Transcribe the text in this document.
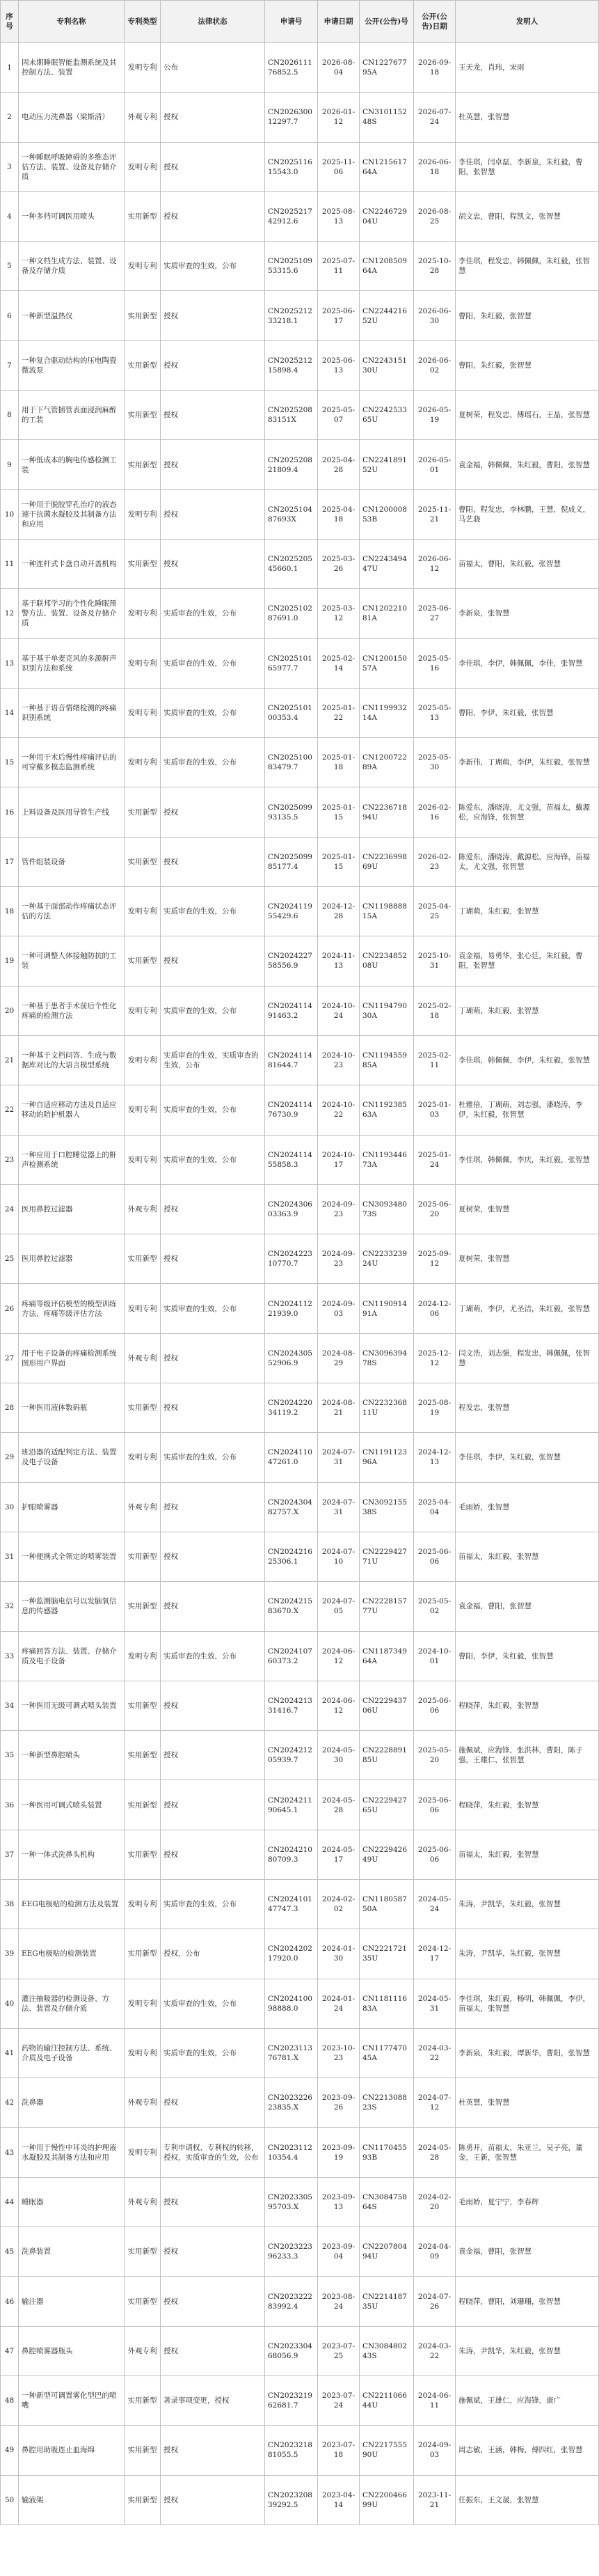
序号	专利名称	专利类型	法律状态	申请号	申请日期	公开(公告)号	公开(公告)日期	发明人
1	固未期睡眠智能监测系统及其控制方法、装置	发明专利	公布	CN202611176852.5	2026-08-04	CN122767795A	2026-09-18	王天龙，肖玮，宋雨
2	电动压力洗鼻器（梁斯清）	外观专利	授权	CN202630012297.7	2026-01-12	CN310115248S	2026-07-24	杜英慧，张智慧
3	一种睡眠呼吸障碍的多维态评估方法、装置、设备及存储介质	发明专利	授权	CN202511615543.0	2025-11-06	CN121561764A	2026-06-18	李佳琪，闫卓磊，李新泉，朱红毅，曹阳，张智慧
4	一种多档可调医用喷头	实用新型	授权	CN202521742912.6	2025-08-13	CN224672904U	2026-08-25	胡文忠，曹阳，程凯文，张智慧
5	一种文档生成方法、装置、设备及存储介质	发明专利	实质审查的生效，公布	CN202510953315.6	2025-07-11	CN120850964A	2025-10-28	李佳琪，程发忠，韩佩佩，朱红毅，张智慧
6	一种新型温热仪	实用新型	授权	CN202521233218.1	2025-06-17	CN224421652U	2026-06-30	曹阳，朱红毅，张智慧
7	一种复合驱动结构的压电陶瓷微流泵	实用新型	授权	CN202521215898.4	2025-06-13	CN224315130U	2026-06-02	曹阳，朱红毅，张智慧
8	用于下气管插管表面浸润麻醉的工装	实用新型	授权	CN202520883151X	2025-05-07	CN224253365U	2026-05-19	夏树荣，程发忠，傅瑶石，王晶，张智慧
9	一种低成本的胸电传感检测工装	实用新型	授权	CN202520821809.4	2025-04-28	CN224189152U	2026-05-01	袁金福，韩佩佩，朱红毅，曹阳，张智慧
10	一种用于脱胶穿孔治疗的液态速干抗菌水凝胶及其制备方法和应用	发明专利	授权	CN202510487693X	2025-04-18	CN120000853B	2025-11-21	曹阳，程发忠，李林鹏，王慧，倪成义，马艺骁
11	一种连杆式卡盘自动开盖机构	实用新型	授权	CN202520545660.1	2025-03-26	CN224349447U	2026-06-12	苗福太，曹阳，朱红毅，张智慧
12	基于联邦学习的个性化睡眠预警方法、装置、设备及存储介质	发明专利	实质审查的生效，公布	CN202510287691.0	2025-03-12	CN120221081A	2025-06-27	李新泉，张智慧
13	基于基于单麦克风的多源鼾声识别方法和系统	发明专利	实质审查的生效，公布	CN202510165977.7	2025-02-14	CN120015057A	2025-05-16	李佳琪，李伊，韩佩佩，李佳，张智慧
14	一种基于语音情绪检测的疼痛识别系统	发明专利	实质审查的生效，公布	CN202510100353.4	2025-01-22	CN119993214A	2025-05-13	曹阳，李伊，朱红毅，张智慧
15	一种用于术后慢性疼痛评估的可穿戴多模态监测系统	发明专利	实质审查的生效，公布	CN202510083479.7	2025-01-18	CN120072289A	2025-05-30	李新伟，丁瑚萌，李伊，朱红毅，张智慧
16	上料设备及医用导管生产线	实用新型	授权	CN202509993135.5	2025-01-15	CN223671894U	2026-02-16	陈爱东，潘晓涛，尤文强，苗福太，戴源松，应海锋，张智慧
17	管件组装设备	实用新型	授权	CN202509985177.4	2025-01-15	CN223699869U	2026-02-23	陈爱东，潘晓涛，戴源松，应海锋，苗福太，尤文强，张智慧
18	一种基于面部动作疼痛状态评估的方法	发明专利	实质审查的生效，公布	CN202411955429.6	2024-12-28	CN119888815A	2025-04-25	丁瑚萌，朱红毅，张智慧
19	一种可调整人体接触防抗的工装	实用新型	授权	CN202422758556.9	2024-11-13	CN223485208U	2025-10-31	袁金福，易勇华，张心廷，朱红毅，曹阳，张智慧
20	一种基于患者手术前后个性化疼痛的检测方法	发明专利	实质审查的生效，公布	CN202411491463.2	2024-10-24	CN119479030A	2025-02-18	丁瑚萌，朱红毅，张智慧
21	一种基于文档问答、生成与数据库对比的大语言模型系统	发明专利	实质审查的生效，实质审查的生效，公布	CN202411481644.7	2024-10-23	CN119455985A	2025-02-11	李佳琪，韩佩佩，李伊，朱红毅，张智慧
22	一种自适应移动方法及自适应移动的陪护机器人	发明专利	实质审查的生效，公布	CN202411476730.9	2024-10-22	CN119238563A	2025-01-03	杜雅倍，丁瑚萌，刘志强，潘晓涛，李伊，朱红毅，张智慧
23	一种应用于口腔睡觉器上的鼾声检测系统	发明专利	实质审查的生效，公布	CN202411455858.3	2024-10-17	CN119344673A	2025-01-24	李佳琪，韩佩佩，李庆，朱红毅，张智慧
24	医用鼻腔过滤器	外观专利	授权	CN202430603363.9	2024-09-23	CN309348073S	2025-06-20	夏树荣，张智慧
25	医用鼻腔过滤器	实用新型	授权	CN202422310770.7	2024-09-23	CN223323924U	2025-09-12	夏树荣，张智慧
26	疼痛等级评估模型的模型训练方法、疼痛等级评估方法	发明专利	实质审查的生效，公布	CN202411221939.0	2024-09-03	CN119091491A	2024-12-06	丁瑚萌，李伊，尤圣洁，朱红毅，张智慧
27	用于电子设备的疼痛检测系统图形用户界面	外观专利	授权	CN202430552906.9	2024-08-29	CN309639478S	2025-12-12	闫文浩，刘志强，程发忠，韩佩佩，张智慧
28	一种医用液体数码瓶	实用新型	授权	CN202422034119.2	2024-08-21	CN223236811U	2025-08-19	程发忠，张智慧
29	班沿器的适配判定方法、装置及电子设备	发明专利	实质审查的生效，公布	CN202411047261.0	2024-07-31	CN119112396A	2024-12-13	李佳琪，李伊，朱红毅，张智慧
30	护眼喷雾器	外观专利	授权	CN202430482757.X	2024-07-31	CN309215538S	2025-04-04	毛雨娇，张智慧
31	一种便携式全领定的喷雾装置	实用新型	授权	CN202421625306.1	2024-07-10	CN222942771U	2025-06-06	苗福太，朱红毅，张智慧
32	一种监测脑电信号以发脑氧信息的传感器	实用新型	授权	CN202421583670.X	2024-07-05	CN222815777U	2025-05-02	袁金福，曹阳，张智慧
33	疼痛回答方法、装置、存储介质及电子设备	发明专利	实质审查的生效，公布	CN202410760373.2	2024-06-12	CN118734964A	2024-10-01	曹阳，李伊，朱红毅，张智慧
34	一种医用无级可调式喷头装置	实用新型	授权	CN202421331416.7	2024-06-12	CN222943706U	2025-06-06	程晓萍，朱红毅，张智慧
35	一种新型鼻腔喷头	实用新型	授权	CN202421205939.7	2024-05-30	CN222889185U	2025-05-20	施佩斌，应海锋，张洪林，曹阳，陈子强，王雄仁，张智慧
36	一种医用可调式喷头装置	实用新型	授权	CN202421190645.1	2024-05-28	CN222942765U	2025-06-06	程晓萍，朱红毅，张智慧
37	一种一体式洗鼻头机构	实用新型	授权	CN202421080709.3	2024-05-17	CN222942649U	2025-06-06	苗福太，朱红毅，张智慧
38	EEG电极贴的检测方法及装置	发明专利	实质审查的生效，公布	CN202410147747.3	2024-02-02	CN118058750A	2024-05-24	朱涛，尹凯华，朱红毅，张智慧
39	EEG电极贴的检测装置	实用新型	授权，公布	CN202420217920.0	2024-01-30	CN222172135U	2024-12-17	朱涛，尹凯华，朱红毅，张智慧
40	灌注抽吸器的检测设备、方法、装置及存储介质	发明专利	实质审查的生效，公布	CN202410098888.0	2024-01-24	CN118111683A	2024-05-31	李佳琪，朱红毅，杨明，韩佩佩，李伊，苗福太，张智慧
41	药物的输注控制方法、系统、介质及电子设备	发明专利	实质审查的生效，公布	CN202311376781.X	2023-10-23	CN117747045A	2024-03-22	李新泉，朱红毅，谭新华，曹阳，张智慧
42	洗鼻器	外观专利	授权	CN202322623835.X	2023-09-26	CN221308823S	2024-07-12	杜英慧，张智慧
43	一种用于慢性中耳炎的护理液水凝胶及其制备方法和应用	发明专利	专利申请权、专利权的转移，授权，实质审查的生效，公布	CN202311210354.4	2023-09-19	CN117045593B	2024-05-28	陈勇开，苗福太，朱亚兰，吴子亮，董金，王新，张智慧
44	睡眠器	外观专利	授权	CN202330595703.X	2023-09-13	CN308475864S	2024-02-20	毛雨娇，夏宁宁，李春辉
45	洗鼻装置	实用新型	授权	CN202322396233.3	2023-09-04	CN220780494U	2024-04-09	袁金福，曹阳，张智慧
46	输注器	实用新型	授权	CN202322283992.4	2023-08-24	CN221418735U	2024-07-26	程晓萍，曹阳，刘珊珊，张智慧
47	鼻腔喷雾器瓶头	外观专利	授权	CN202330468056.9	2023-07-25	CN308480243S	2024-03-22	朱涛，尹凯华，朱红毅，张智慧
48	一种新型可调置雾化型巴的喷嘴	实用新型	著录事项变更，授权	CN202321962681.7	2023-07-24	CN221106644U	2024-06-11	施佩斌，王雄仁，应海锋，康广
49	鼻腔用助吸连止血海绵	实用新型	授权	CN202321881055.5	2023-07-18	CN221755590U	2024-09-03	周志敏，王涵，韩梅，傅四红，张智慧
50	输液架	实用新型	授权	CN202320839292.5	2023-04-14	CN220046699U	2023-11-21	任振东，王文晟，张智慧
